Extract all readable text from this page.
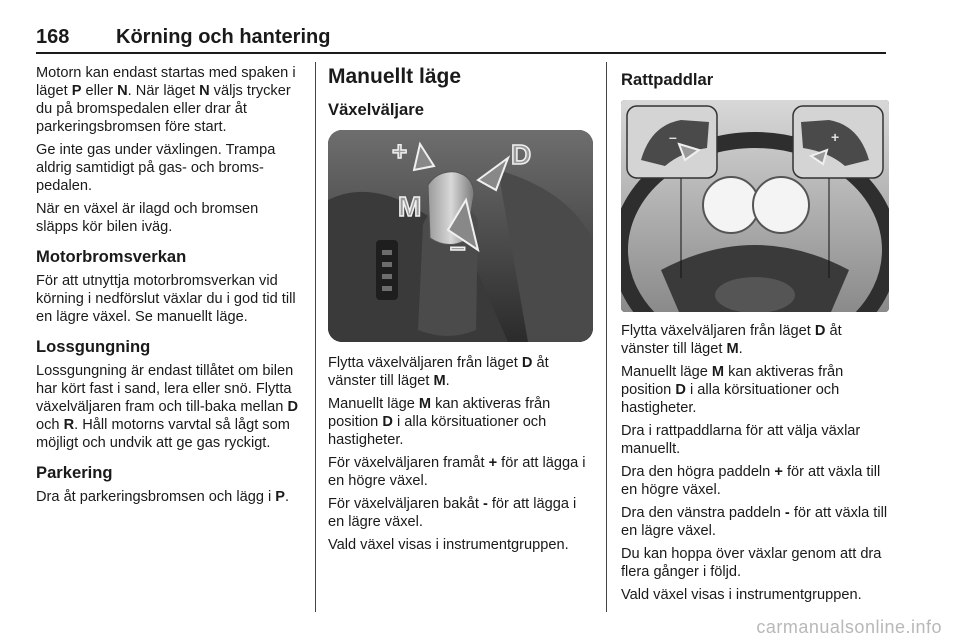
168 Körning och hantering

Motorn kan endast startas med spaken i läget P eller N. När läget N väljs trycker du på bromspedalen eller drar åt parkeringsbromsen före start.

Ge inte gas under växlingen. Trampa aldrig samtidigt på gas- och broms-pedalen.

När en växel är ilagd och bromsen släpps kör bilen iväg.

Motorbromsverkan

För att utnyttja motorbromsverkan vid körning i nedförslut växlar du i god tid till en lägre växel. Se manuellt läge.

Lossgungning

Lossgungning är endast tillåtet om bilen har kört fast i sand, lera eller snö. Flytta växelväljaren fram och till-baka mellan D och R. Håll motorns varvtal så lågt som möjligt och undvik att ge gas ryckigt.

Parkering

Dra åt parkeringsbromsen och lägg i P.

Manuellt läge
Växelväljare
+	D
M
–

Flytta växelväljaren från läget D åt vänster till läget M.

Manuellt läge M kan aktiveras från position D i alla körsituationer och hastigheter.

För växelväljaren framåt + för att lägga i en högre växel.

För växelväljaren bakåt - för att lägga i en lägre växel.

Vald växel visas i instrumentgruppen.

Rattpaddlar
–	+

Flytta växelväljaren från läget D åt vänster till läget M.

Manuellt läge M kan aktiveras från position D i alla körsituationer och hastigheter.

Dra i rattpaddlarna för att välja växlar manuellt.

Dra den högra paddeln + för att växla till en högre växel.

Dra den vänstra paddeln - för att växla till en lägre växel.

Du kan hoppa över växlar genom att dra flera gånger i följd.

Vald växel visas i instrumentgruppen.

carmanualsonline.info
